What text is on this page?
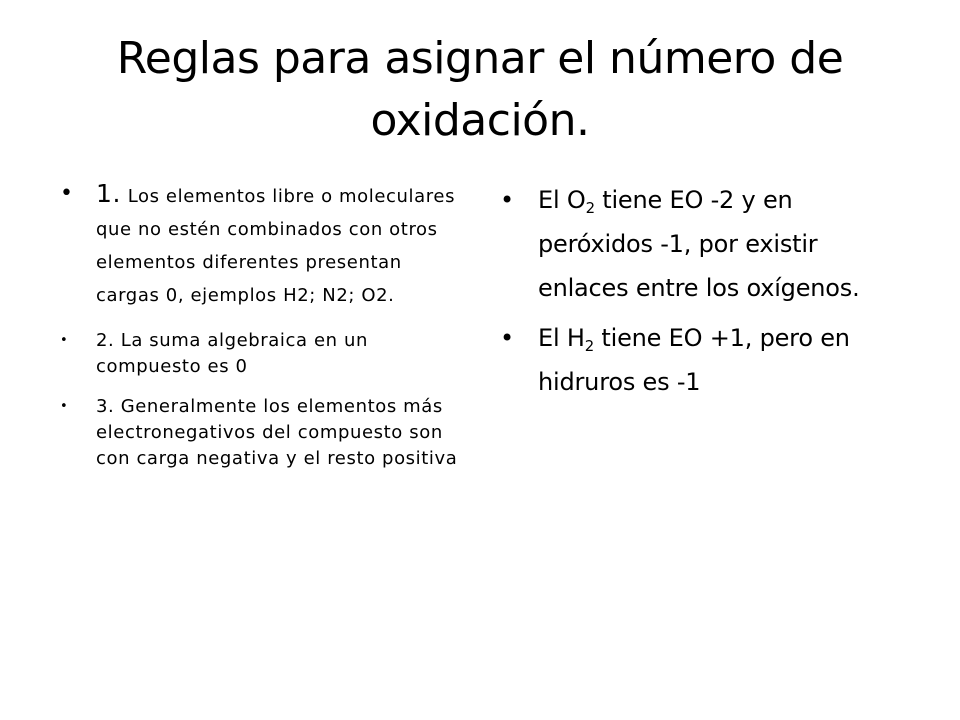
Reglas para asignar el número de oxidación.
• 1. Los elementos libre o moleculares que no estén combinados con otros elementos diferentes presentan cargas 0, ejemplos H2; N2; O2.
• 2. La suma algebraica en un compuesto es 0
• 3. Generalmente los elementos más electronegativos del compuesto son con carga negativa y el resto positiva
• El $O_2$ tiene EO -2 y en peróxidos -1, por existir enlaces entre los oxígenos.
• El $H_2$ tiene EO +1, pero en hidruros es -1
